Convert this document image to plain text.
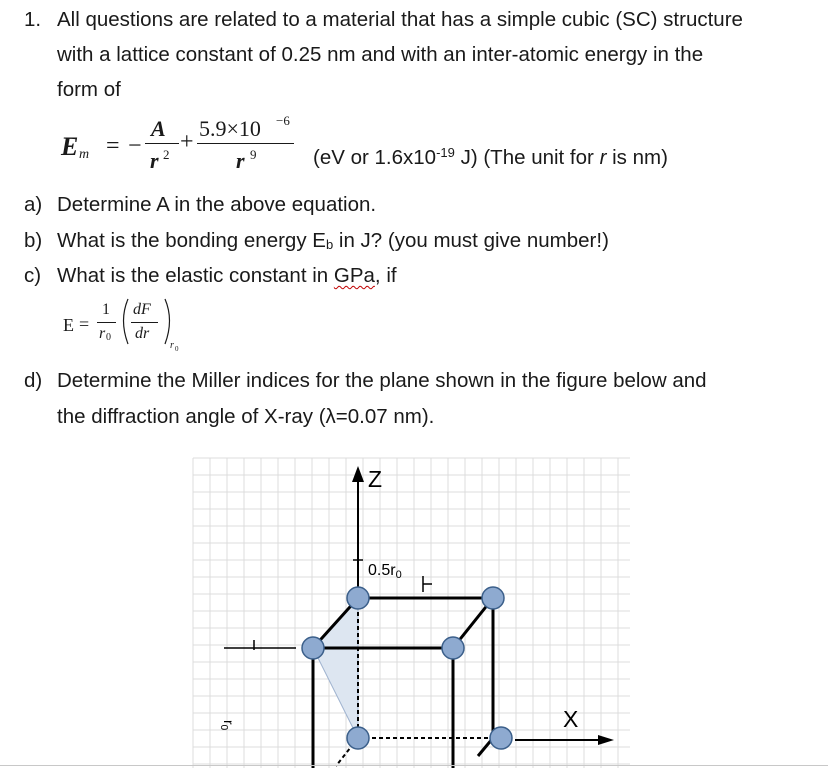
1. All questions are related to a material that has a simple cubic (SC) structure
with a lattice constant of 0.25 nm and with an inter-atomic energy in the
form of
E m = −
A
r 2 +
5.9×10 −6
r 9	(eV or $1.6x10^{-19}$ J) (The unit for r is nm)
a) Determine A in the above equation.
b) What is the bonding energy $E_b$ in J? (you must give number!)
c) What is the elastic constant in GPa, if
E =
1
r 0
dF
dr
r 0
d) Determine the Miller indices for the plane shown in the figure below and
the diffraction angle of X-ray (λ=0.07 nm).
Z
X
0.5r0
$r_0$
